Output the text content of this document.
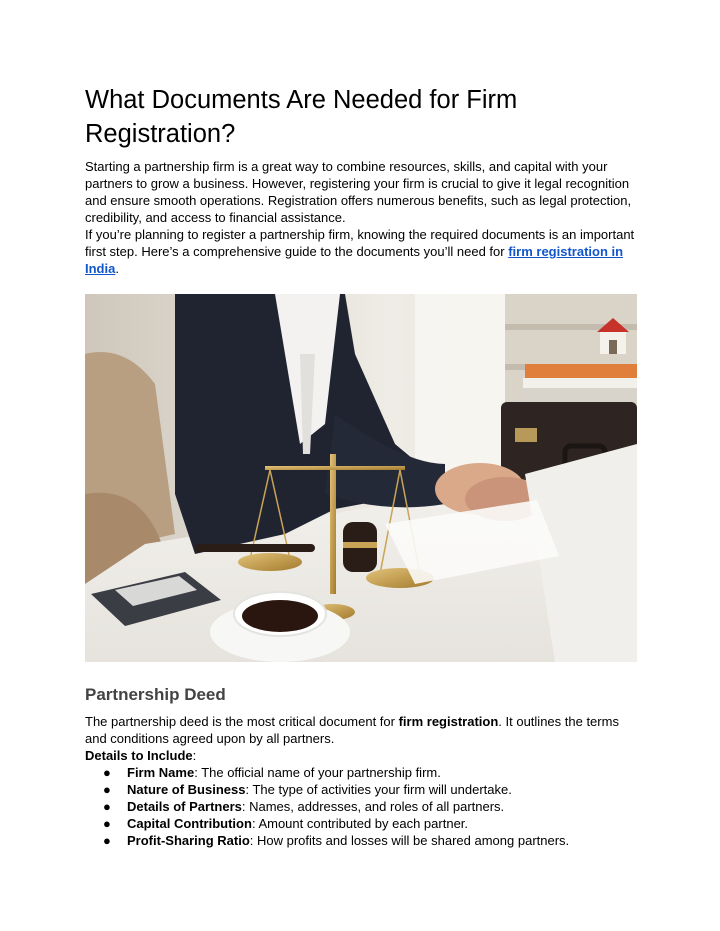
What Documents Are Needed for Firm Registration?

Starting a partnership firm is a great way to combine resources, skills, and capital with your partners to grow a business. However, registering your firm is crucial to give it legal recognition and ensure smooth operations. Registration offers numerous benefits, such as legal protection, credibility, and access to financial assistance.

If you’re planning to register a partnership firm, knowing the required documents is an important first step. Here’s a comprehensive guide to the documents you’ll need for firm registration in India.

Partnership Deed

The partnership deed is the most critical document for firm registration. It outlines the terms and conditions agreed upon by all partners.

Details to Include:

● Firm Name: The official name of your partnership firm.
● Nature of Business: The type of activities your firm will undertake.
● Details of Partners: Names, addresses, and roles of all partners.
● Capital Contribution: Amount contributed by each partner.
● Profit-Sharing Ratio: How profits and losses will be shared among partners.
